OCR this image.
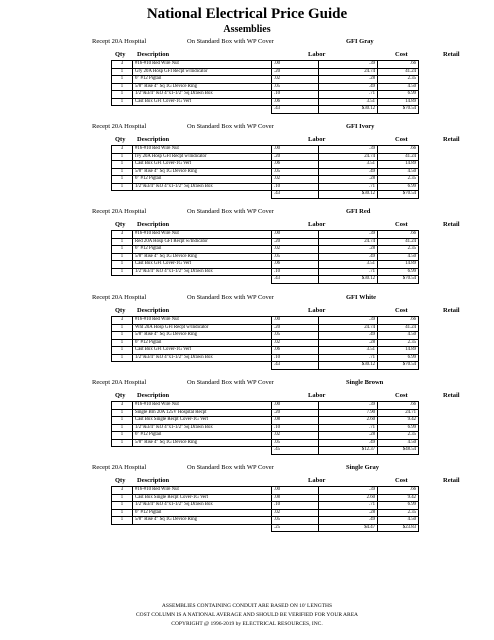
National Electrical Price Guide
Assemblies
Recept 20A Hospital	On Standard Box with WP Cover	GFI Gray
Qty Description	Labor	Cost	Retail
3	#16-#10 Red Wire Nut	.00	.39	.66
1	Gry 20A Hosp GFI Recpt w/Indicator	.20	24.74	41.24
1	6" #12 Pigtail	.02	.28	2.35
1	5/8" Rise 4" Sq 1G Device Ring	.05	.49	4.50
1	1/2"&3/4" KO 4"x1-1/2" Sq Drawn Box	.10	.71	6.99
1	Cast Box GFI Cover-1G Vert	.06	3.51	14.89
		.43	$30.12	$70.54
Recept 20A Hospital	On Standard Box with WP Cover	GFI Ivory
Qty Description	Labor	Cost	Retail
3	#16-#10 Red Wire Nut	.00	.39	.66
1	Ivy 20A Hosp GFI Recpt w/Indicator	.20	24.74	41.24
1	Cast Box GFI Cover-1G Vert	.06	3.51	14.89
1	5/8" Rise 4" Sq 1G Device Ring	.05	.49	4.50
1	6" #12 Pigtail	.02	.28	2.35
1	1/2"&3/4" KO 4"x1-1/2" Sq Drawn Box	.10	.71	6.99
		.43	$30.12	$70.54
Recept 20A Hospital	On Standard Box with WP Cover	GFI Red
Qty Description	Labor	Cost	Retail
3	#16-#10 Red Wire Nut	.00	.39	.66
1	Red 20A Hosp GFI Recpt w/Indicator	.20	24.74	41.24
1	6" #12 Pigtail	.02	.28	2.35
1	5/8" Rise 4" Sq 1G Device Ring	.05	.49	4.50
1	Cast Box GFI Cover-1G Vert	.06	3.51	14.89
1	1/2"&3/4" KO 4"x1-1/2" Sq Drawn Box	.10	.71	6.99
		.43	$30.12	$70.54
Recept 20A Hospital	On Standard Box with WP Cover	GFI White
Qty Description	Labor	Cost	Retail
3	#16-#10 Red Wire Nut	.00	.39	.66
1	Wht 20A Hosp GFI Recpt w/Indicator	.20	24.74	41.24
1	5/8" Rise 4" Sq 1G Device Ring	.05	.49	4.50
1	6" #12 Pigtail	.02	.28	2.35
1	Cast Box GFI Cover-1G Vert	.06	3.51	14.89
1	1/2"&3/4" KO 4"x1-1/2" Sq Drawn Box	.10	.71	6.99
		.43	$30.12	$70.54
Recept 20A Hospital	On Standard Box with WP Cover	Single Brown
Qty Description	Labor	Cost	Retail
3	#16-#10 Red Wire Nut	.00	.39	.66
1	Single Brn 20A 125V Hospital Recpt	.20	7.90	24.71
1	Cast Box Single Recpt Cover-1G Vert	.08	2.60	9.42
1	1/2"&3/4" KO 4"x1-1/2" Sq Drawn Box	.10	.71	6.99
1	6" #12 Pigtail	.02	.28	2.35
1	5/8" Rise 4" Sq 1G Device Ring	.05	.49	4.50
		.45	$12.37	$48.54
Recept 20A Hospital	On Standard Box with WP Cover	Single Gray
Qty Description	Labor	Cost	Retail
3	#16-#10 Red Wire Nut	.00	.39	.66
1	Cast Box Single Recpt Cover-1G Vert	.08	2.60	9.42
1	1/2"&3/4" KO 4"x1-1/2" Sq Drawn Box	.10	.71	6.99
1	6" #12 Pigtail	.02	.28	2.35
1	5/8" Rise 4" Sq 1G Device Ring	.05	.49	4.50
		.25	$4.47	$23.83
ASSEMBLIES CONTAINING CONDUIT ARE BASED ON 10' LENGTHS
COST COLUMN IS A NATIONAL AVERAGE AND SHOULD BE VERIFIED FOR YOUR AREA
COPYRIGHT @ 1996-2019 by ELECTRICAL RESOURCES, INC.
